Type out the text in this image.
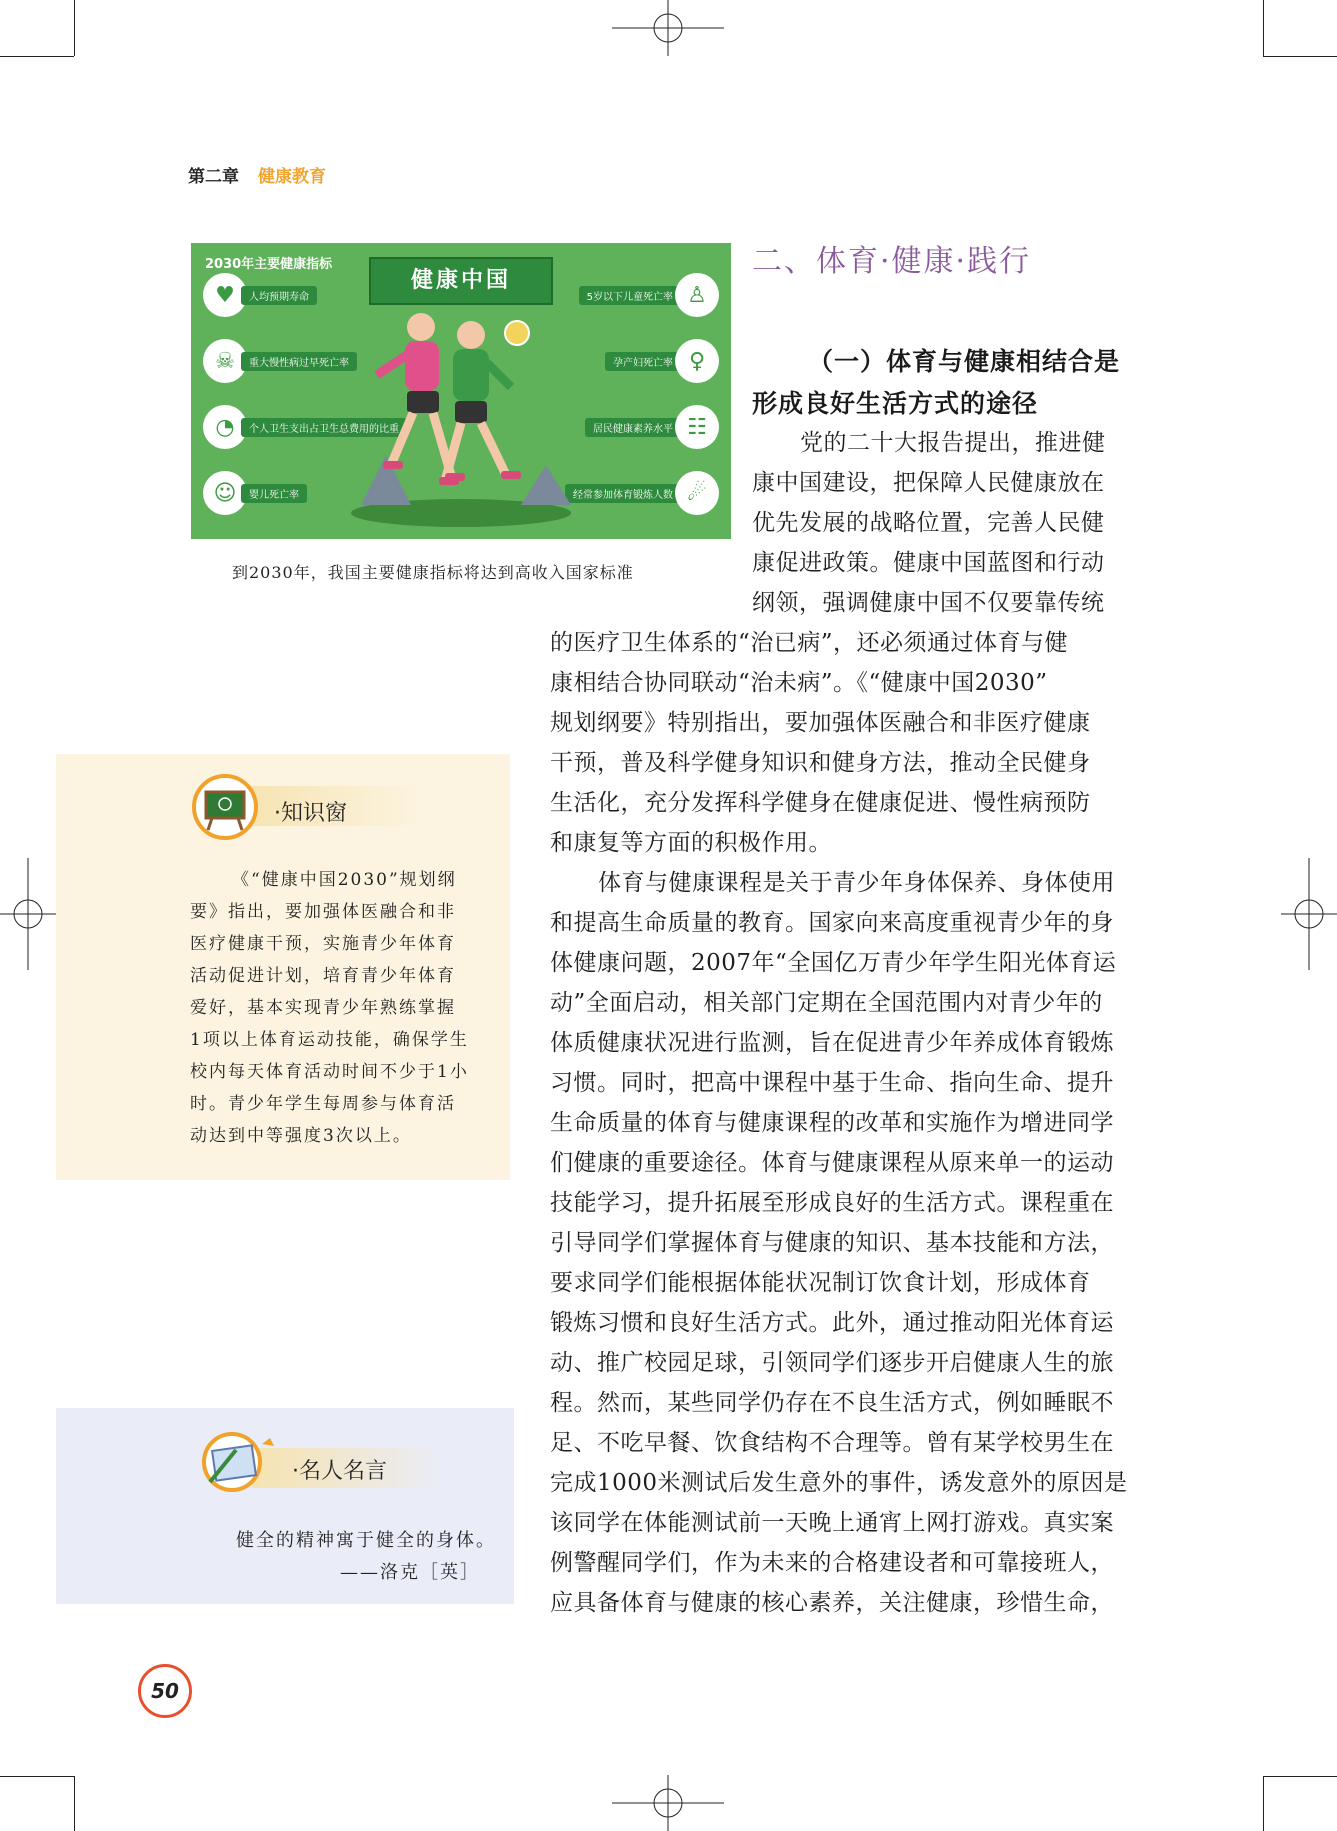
第二章 健康教育
2030年主要健康指标
健康中国
♥	人均预期寿命
☠	重大慢性病过早死亡率
◔	个人卫生支出占卫生总费用的比重
☺	婴儿死亡率
♙
5岁以下儿童死亡率
♀
孕产妇死亡率
☷
居民健康素养水平
☄
经常参加体育锻炼人数
到2030年，我国主要健康指标将达到高收入国家标准
二、体育·健康·践行
（一）体育与健康相结合是
形成良好生活方式的途径
党的二十大报告提出，推进健
康中国建设，把保障人民健康放在
优先发展的战略位置，完善人民健
康促进政策。健康中国蓝图和行动
纲领，强调健康中国不仅要靠传统
的医疗卫生体系的“治已病”，还必须通过体育与健
康相结合协同联动“治未病”。《“健康中国2030”
规划纲要》特别指出，要加强体医融合和非医疗健康
干预，普及科学健身知识和健身方法，推动全民健身
生活化，充分发挥科学健身在健康促进、慢性病预防
和康复等方面的积极作用。
体育与健康课程是关于青少年身体保养、身体使用
和提高生命质量的教育。国家向来高度重视青少年的身
体健康问题，2007年“全国亿万青少年学生阳光体育运
动”全面启动，相关部门定期在全国范围内对青少年的
体质健康状况进行监测，旨在促进青少年养成体育锻炼
习惯。同时，把高中课程中基于生命、指向生命、提升
生命质量的体育与健康课程的改革和实施作为增进同学
们健康的重要途径。体育与健康课程从原来单一的运动
技能学习，提升拓展至形成良好的生活方式。课程重在
引导同学们掌握体育与健康的知识、基本技能和方法，
要求同学们能根据体能状况制订饮食计划，形成体育
锻炼习惯和良好生活方式。此外，通过推动阳光体育运
动、推广校园足球，引领同学们逐步开启健康人生的旅
程。然而，某些同学仍存在不良生活方式，例如睡眠不
足、不吃早餐、饮食结构不合理等。曾有某学校男生在
完成1000米测试后发生意外的事件，诱发意外的原因是
该同学在体能测试前一天晚上通宵上网打游戏。真实案
例警醒同学们，作为未来的合格建设者和可靠接班人，
应具备体育与健康的核心素养，关注健康，珍惜生命，
·知识窗
《“健康中国2030”规划纲
要》指出，要加强体医融合和非
医疗健康干预，实施青少年体育
活动促进计划，培育青少年体育
爱好，基本实现青少年熟练掌握
1项以上体育运动技能，确保学生
校内每天体育活动时间不少于1小
时。青少年学生每周参与体育活
动达到中等强度3次以上。
·名人名言
健全的精神寓于健全的身体。
——洛克［英］
50
